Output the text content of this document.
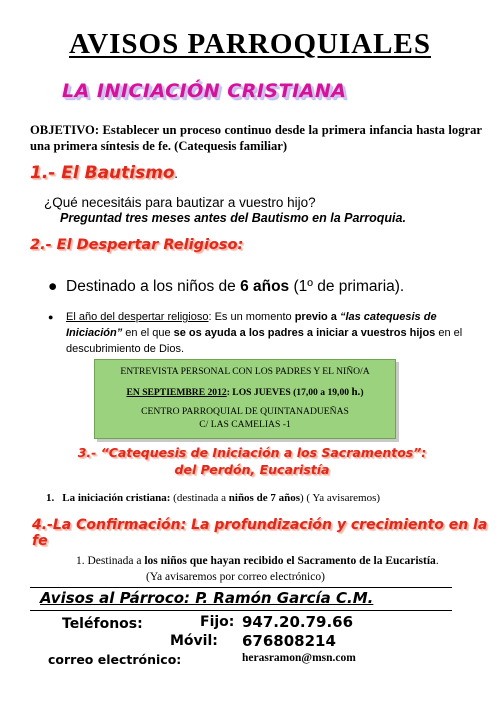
AVISOS PARROQUIALES
LA INICIACIÓN CRISTIANA
OBJETIVO: Establecer un proceso continuo desde la primera infancia hasta lograr una primera síntesis de fe. (Catequesis familiar)
1.- El Bautismo.
¿Qué necesitáis para bautizar a vuestro hijo?
Preguntad tres meses antes del Bautismo en la Parroquia.
2.- El Despertar Religioso:
● Destinado a los niños de 6 años (1º de primaria).
● El año del despertar religioso: Es un momento previo a “las catequesis de Iniciación” en el que se os ayuda a los padres a iniciar a vuestros hijos en el descubrimiento de Dios.
ENTREVISTA PERSONAL CON LOS PADRES Y EL NIÑO/A
EN SEPTIEMBRE 2012: LOS JUEVES (17,00 a 19,00 h.)
CENTRO PARROQUIAL DE QUINTANADUEÑAS
C/ LAS CAMELIAS -1
3.- “Catequesis de Iniciación a los Sacramentos”:
del Perdón, Eucaristía
1. La iniciación cristiana: (destinada a niños de 7 años) ( Ya avisaremos)
4.-La Confirmación: La profundización y crecimiento en la fe
1. Destinada a los niños que hayan recibido el Sacramento de la Eucaristía.
(Ya avisaremos por correo electrónico)
Avisos al Párroco: P. Ramón García C.M.
Teléfonos:	Fijo: 947.20.79.66
Móvil: 676808214
correo electrónico:	herasramon@msn.com
